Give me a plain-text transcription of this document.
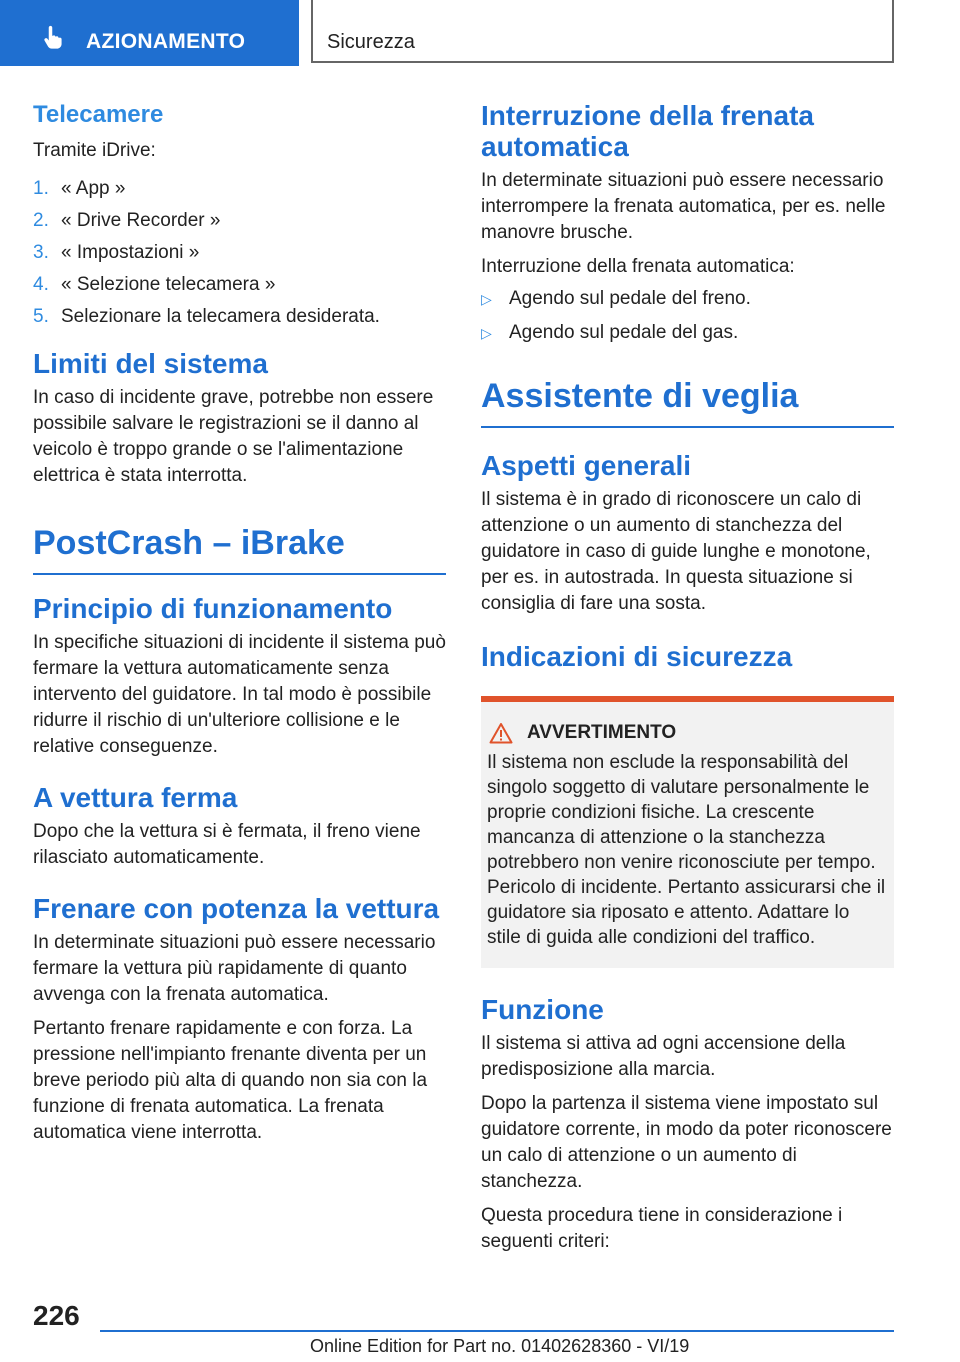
AZIONAMENTO	Sicurezza
Telecamere

Tramite iDrive:

1. « App »
2. « Drive Recorder »
3. « Impostazioni »
4. « Selezione telecamera »
5. Selezionare la telecamera desiderata.
Limiti del sistema

In caso di incidente grave, potrebbe non essere possibile salvare le registrazioni se il danno al veicolo è troppo grande o se l'alimentazione elettrica è stata interrotta.

PostCrash – iBrake
Principio di funzionamento

In specifiche situazioni di incidente il sistema può fermare la vettura automaticamente senza intervento del guidatore. In tal modo è possibile ridurre il rischio di un'ulteriore collisione e le relative conseguenze.

A vettura ferma

Dopo che la vettura si è fermata, il freno viene rilasciato automaticamente.

Frenare con potenza la vettura

In determinate situazioni può essere necessario fermare la vettura più rapidamente di quanto avvenga con la frenata automatica.

Pertanto frenare rapidamente e con forza. La pressione nell'impianto frenante diventa per un breve periodo più alta di quando non sia con la funzione di frenata automatica. La frenata automatica viene interrotta.

Interruzione della frenata automatica

In determinate situazioni può essere necessario interrompere la frenata automatica, per es. nelle manovre brusche.

Interruzione della frenata automatica:

▷ Agendo sul pedale del freno.
▷ Agendo sul pedale del gas.
Assistente di veglia
Aspetti generali

Il sistema è in grado di riconoscere un calo di attenzione o un aumento di stanchezza del guidatore in caso di guide lunghe e monotone, per es. in autostrada. In questa situazione si consiglia di fare una sosta.

Indicazioni di sicurezza
AVVERTIMENTO

Il sistema non esclude la responsabilità del singolo soggetto di valutare personalmente le proprie condizioni fisiche. La crescente mancanza di attenzione o la stanchezza potrebbero non venire riconosciute per tempo. Pericolo di incidente. Pertanto assicurarsi che il guidatore sia riposato e attento. Adattare lo stile di guida alle condizioni del traffico.

Funzione

Il sistema si attiva ad ogni accensione della predisposizione alla marcia.

Dopo la partenza il sistema viene impostato sul guidatore corrente, in modo da poter riconoscere un calo di attenzione o un aumento di stanchezza.

Questa procedura tiene in considerazione i seguenti criteri:

226
Online Edition for Part no. 01402628360 - VI/19
